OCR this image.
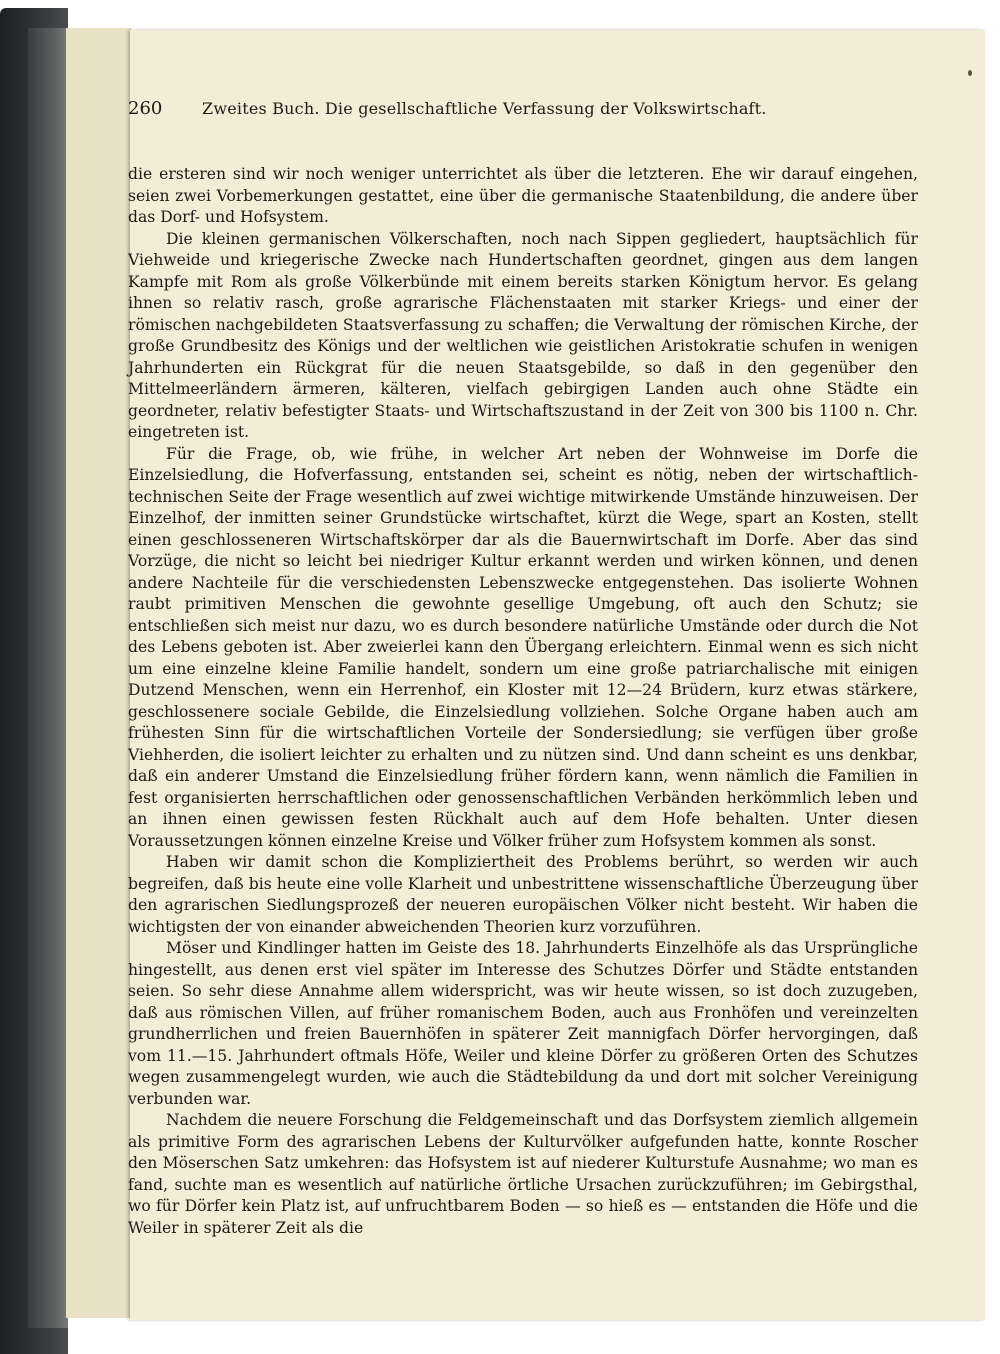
260 Zweites Buch. Die gesellschaftliche Verfassung der Volkswirtschaft.

die ersteren sind wir noch weniger unterrichtet als über die letzteren. Ehe wir darauf eingehen, seien zwei Vorbemerkungen gestattet, eine über die germanische Staatenbildung, die andere über das Dorf- und Hofsystem.

Die kleinen germanischen Völkerschaften, noch nach Sippen gegliedert, hauptsächlich für Viehweide und kriegerische Zwecke nach Hundertschaften geordnet, gingen aus dem langen Kampfe mit Rom als große Völkerbünde mit einem bereits starken Königtum hervor. Es gelang ihnen so relativ rasch, große agrarische Flächenstaaten mit starker Kriegs- und einer der römischen nachgebildeten Staatsverfassung zu schaffen; die Verwaltung der römischen Kirche, der große Grundbesitz des Königs und der weltlichen wie geistlichen Aristokratie schufen in wenigen Jahrhunderten ein Rückgrat für die neuen Staatsgebilde, so daß in den gegenüber den Mittelmeerländern ärmeren, kälteren, vielfach gebirgigen Landen auch ohne Städte ein geordneter, relativ befestigter Staats- und Wirtschaftszustand in der Zeit von 300 bis 1100 n. Chr. eingetreten ist.

Für die Frage, ob, wie frühe, in welcher Art neben der Wohnweise im Dorfe die Einzelsiedlung, die Hofverfassung, entstanden sei, scheint es nötig, neben der wirtschaftlich-technischen Seite der Frage wesentlich auf zwei wichtige mitwirkende Umstände hinzuweisen. Der Einzelhof, der inmitten seiner Grundstücke wirtschaftet, kürzt die Wege, spart an Kosten, stellt einen geschlosseneren Wirtschaftskörper dar als die Bauernwirtschaft im Dorfe. Aber das sind Vorzüge, die nicht so leicht bei niedriger Kultur erkannt werden und wirken können, und denen andere Nachteile für die verschiedensten Lebenszwecke entgegenstehen. Das isolierte Wohnen raubt primitiven Menschen die gewohnte gesellige Umgebung, oft auch den Schutz; sie entschließen sich meist nur dazu, wo es durch besondere natürliche Umstände oder durch die Not des Lebens geboten ist. Aber zweierlei kann den Übergang erleichtern. Einmal wenn es sich nicht um eine einzelne kleine Familie handelt, sondern um eine große patriarchalische mit einigen Dutzend Menschen, wenn ein Herrenhof, ein Kloster mit 12—24 Brüdern, kurz etwas stärkere, geschlossenere sociale Gebilde, die Einzelsiedlung vollziehen. Solche Organe haben auch am frühesten Sinn für die wirtschaftlichen Vorteile der Sondersiedlung; sie verfügen über große Viehherden, die isoliert leichter zu erhalten und zu nützen sind. Und dann scheint es uns denkbar, daß ein anderer Umstand die Einzelsiedlung früher fördern kann, wenn nämlich die Familien in fest organisierten herrschaftlichen oder genossenschaftlichen Verbänden herkömmlich leben und an ihnen einen gewissen festen Rückhalt auch auf dem Hofe behalten. Unter diesen Voraussetzungen können einzelne Kreise und Völker früher zum Hofsystem kommen als sonst.

Haben wir damit schon die Kompliziertheit des Problems berührt, so werden wir auch begreifen, daß bis heute eine volle Klarheit und unbestrittene wissenschaftliche Überzeugung über den agrarischen Siedlungsprozeß der neueren europäischen Völker nicht besteht. Wir haben die wichtigsten der von einander abweichenden Theorien kurz vorzuführen.

Möser und Kindlinger hatten im Geiste des 18. Jahrhunderts Einzelhöfe als das Ursprüngliche hingestellt, aus denen erst viel später im Interesse des Schutzes Dörfer und Städte entstanden seien. So sehr diese Annahme allem widerspricht, was wir heute wissen, so ist doch zuzugeben, daß aus römischen Villen, auf früher romanischem Boden, auch aus Fronhöfen und vereinzelten grundherrlichen und freien Bauernhöfen in späterer Zeit mannigfach Dörfer hervorgingen, daß vom 11.—15. Jahrhundert oftmals Höfe, Weiler und kleine Dörfer zu größeren Orten des Schutzes wegen zusammengelegt wurden, wie auch die Städtebildung da und dort mit solcher Vereinigung verbunden war.

Nachdem die neuere Forschung die Feldgemeinschaft und das Dorfsystem ziemlich allgemein als primitive Form des agrarischen Lebens der Kulturvölker aufgefunden hatte, konnte Roscher den Möserschen Satz umkehren: das Hofsystem ist auf niederer Kulturstufe Ausnahme; wo man es fand, suchte man es wesentlich auf natürliche örtliche Ursachen zurückzuführen; im Gebirgsthal, wo für Dörfer kein Platz ist, auf unfruchtbarem Boden — so hieß es — entstanden die Höfe und die Weiler in späterer Zeit als die
